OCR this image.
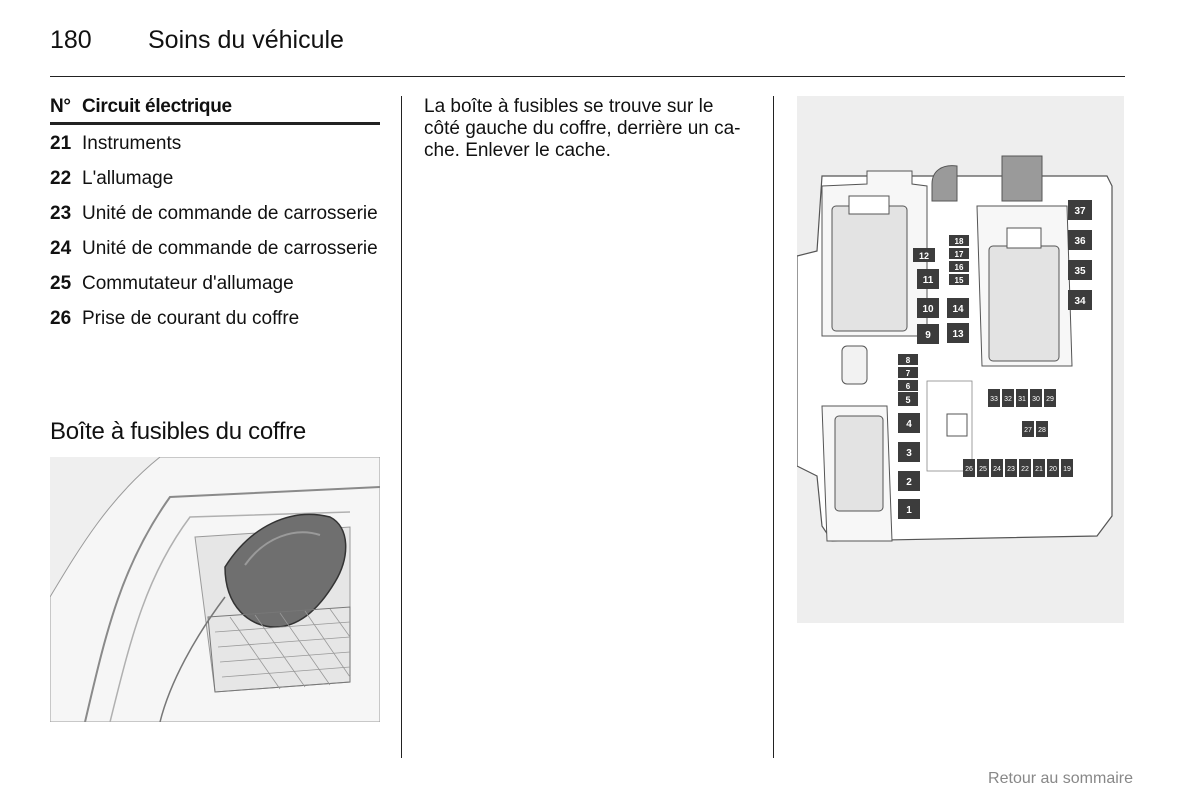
180 Soins du véhicule
N° Circuit électrique
21 Instruments
22 L'allumage
23 Unité de commande de carrosserie
24 Unité de commande de carrosserie
25 Commutateur d'allumage
26 Prise de courant du coffre
Boîte à fusibles du coffre

La boîte à fusibles se trouve sur le

côté gauche du coffre, derrière un ca-

che. Enlever le cache.

37
36
35
34
12
11
10
9
14
13
18
17
16
15
8
7
6
5
4
3
2
1
33 32 31 30 29
28
27
26 25 24 23 22 21 20 19
Retour au sommaire
